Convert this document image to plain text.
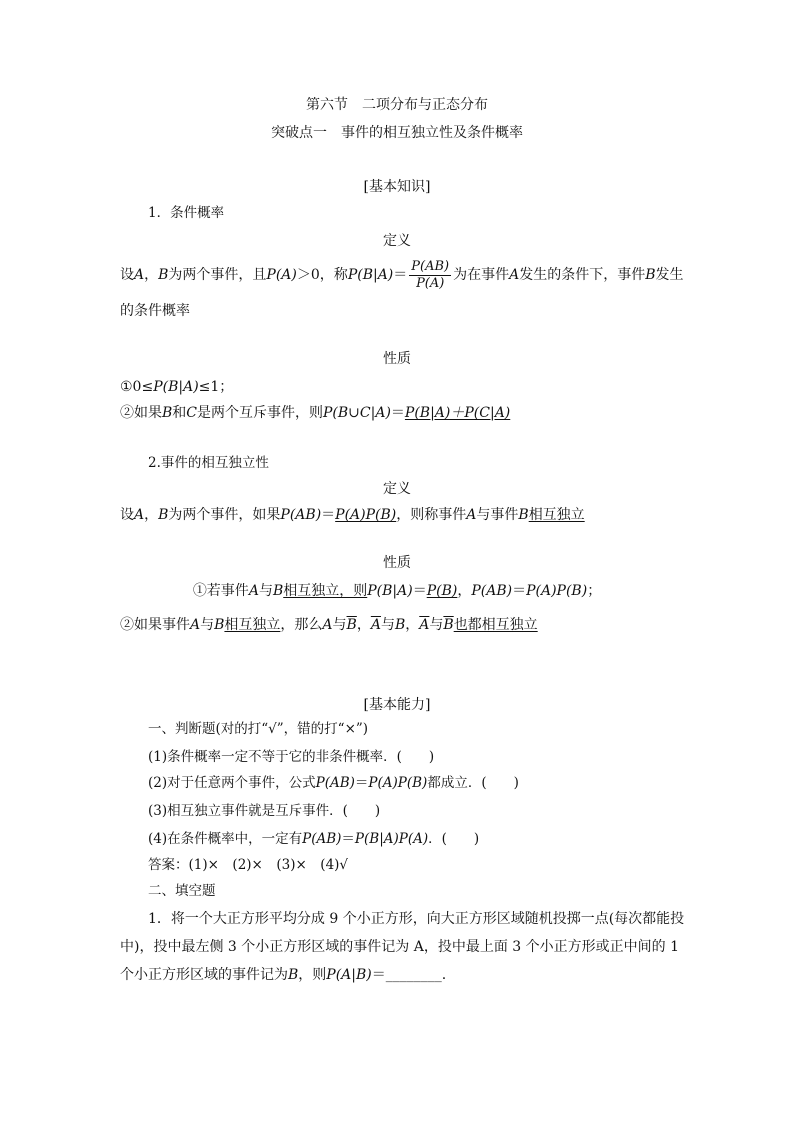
第六节　二项分布与正态分布
突破点一　事件的相互独立性及条件概率
[基本知识]
1．条件概率
定义
设A，B为两个事件，且P(A)＞0，称$P(B|A)= \frac{P(AB)}{P(A)}$ 为在事件A发生的条件下，事件B发生
的条件概率
性质
①0≤P(B|A)≤1；
②如果B和C是两个互斥事件，则P(B∪C|A)＝P(B|A)＋P(C|A)
2.事件的相互独立性
定义
设A，B为两个事件，如果P(AB)＝P(A)P(B)，则称事件A与事件B相互独立
性质
①若事件A与B相互独立，则P(B|A)＝P(B)，P(AB)＝P(A)P(B)；
②如果事件A与B相互独立，那么A与$\overline{B}$，$\overline{A}$与B，$\overline{A}$与$\overline{B}$也都相互独立
[基本能力]
一、判断题(对的打“√”，错的打“×”)
(1)条件概率一定不等于它的非条件概率．(　　)
(2)对于任意两个事件，公式P(AB)＝P(A)P(B)都成立．(　　)
(3)相互独立事件就是互斥事件．(　　)
(4)在条件概率中，一定有P(AB)＝P(B|A)P(A)．(　　)
答案：(1)×　(2)×　(3)×　(4)√
二、填空题
1．将一个大正方形平均分成 9 个小正方形，向大正方形区域随机投掷一点(每次都能投
中)，投中最左侧 3 个小正方形区域的事件记为 A，投中最上面 3 个小正方形或正中间的 1
个小正方形区域的事件记为B，则P(A|B)＝________.
